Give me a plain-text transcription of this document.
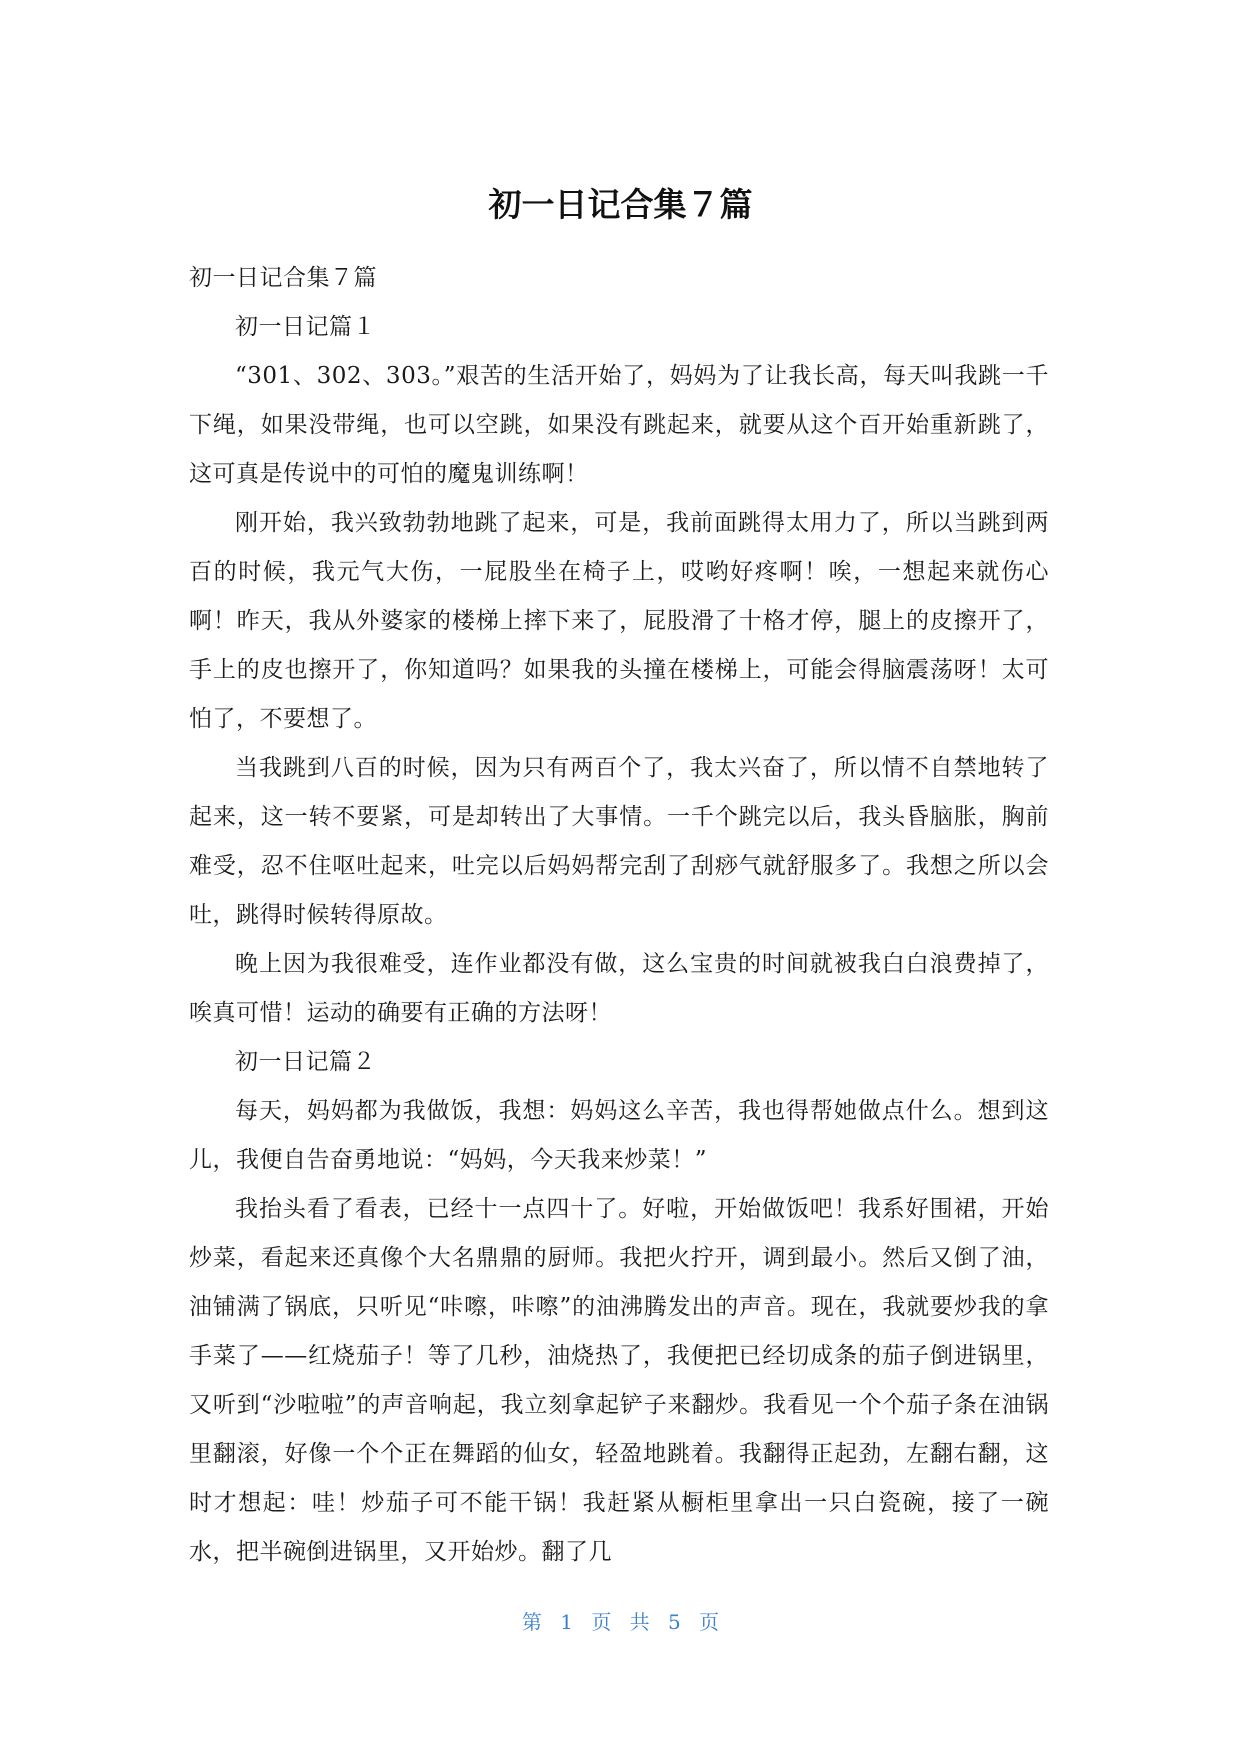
初一日记合集７篇

初一日记合集７篇

初一日记篇１

“301、302、303。”艰苦的生活开始了，妈妈为了让我长高，每天叫我跳一千下绳，如果没带绳，也可以空跳，如果没有跳起来，就要从这个百开始重新跳了，这可真是传说中的可怕的魔鬼训练啊！

刚开始，我兴致勃勃地跳了起来，可是，我前面跳得太用力了，所以当跳到两百的时候，我元气大伤，一屁股坐在椅子上，哎哟好疼啊！唉，一想起来就伤心啊！昨天，我从外婆家的楼梯上摔下来了，屁股滑了十格才停，腿上的皮擦开了，手上的皮也擦开了，你知道吗？如果我的头撞在楼梯上，可能会得脑震荡呀！太可怕了，不要想了。

当我跳到八百的时候，因为只有两百个了，我太兴奋了，所以情不自禁地转了起来，这一转不要紧，可是却转出了大事情。一千个跳完以后，我头昏脑胀，胸前难受，忍不住呕吐起来，吐完以后妈妈帮完刮了刮痧气就舒服多了。我想之所以会吐，跳得时候转得原故。

晚上因为我很难受，连作业都没有做，这么宝贵的时间就被我白白浪费掉了，唉真可惜！运动的确要有正确的方法呀！

初一日记篇２

每天，妈妈都为我做饭，我想：妈妈这么辛苦，我也得帮她做点什么。想到这儿，我便自告奋勇地说：“妈妈，今天我来炒菜！”

我抬头看了看表，已经十一点四十了。好啦，开始做饭吧！我系好围裙，开始炒菜，看起来还真像个大名鼎鼎的厨师。我把火拧开，调到最小。然后又倒了油，油铺满了锅底，只听见“咔嚓，咔嚓”的油沸腾发出的声音。现在，我就要炒我的拿手菜了——红烧茄子！等了几秒，油烧热了，我便把已经切成条的茄子倒进锅里，又听到“沙啦啦”的声音响起，我立刻拿起铲子来翻炒。我看见一个个茄子条在油锅里翻滚，好像一个个正在舞蹈的仙女，轻盈地跳着。我翻得正起劲，左翻右翻，这时才想起：哇！炒茄子可不能干锅！我赶紧从橱柜里拿出一只白瓷碗，接了一碗水，把半碗倒进锅里，又开始炒。翻了几

第 1 页 共 5 页
